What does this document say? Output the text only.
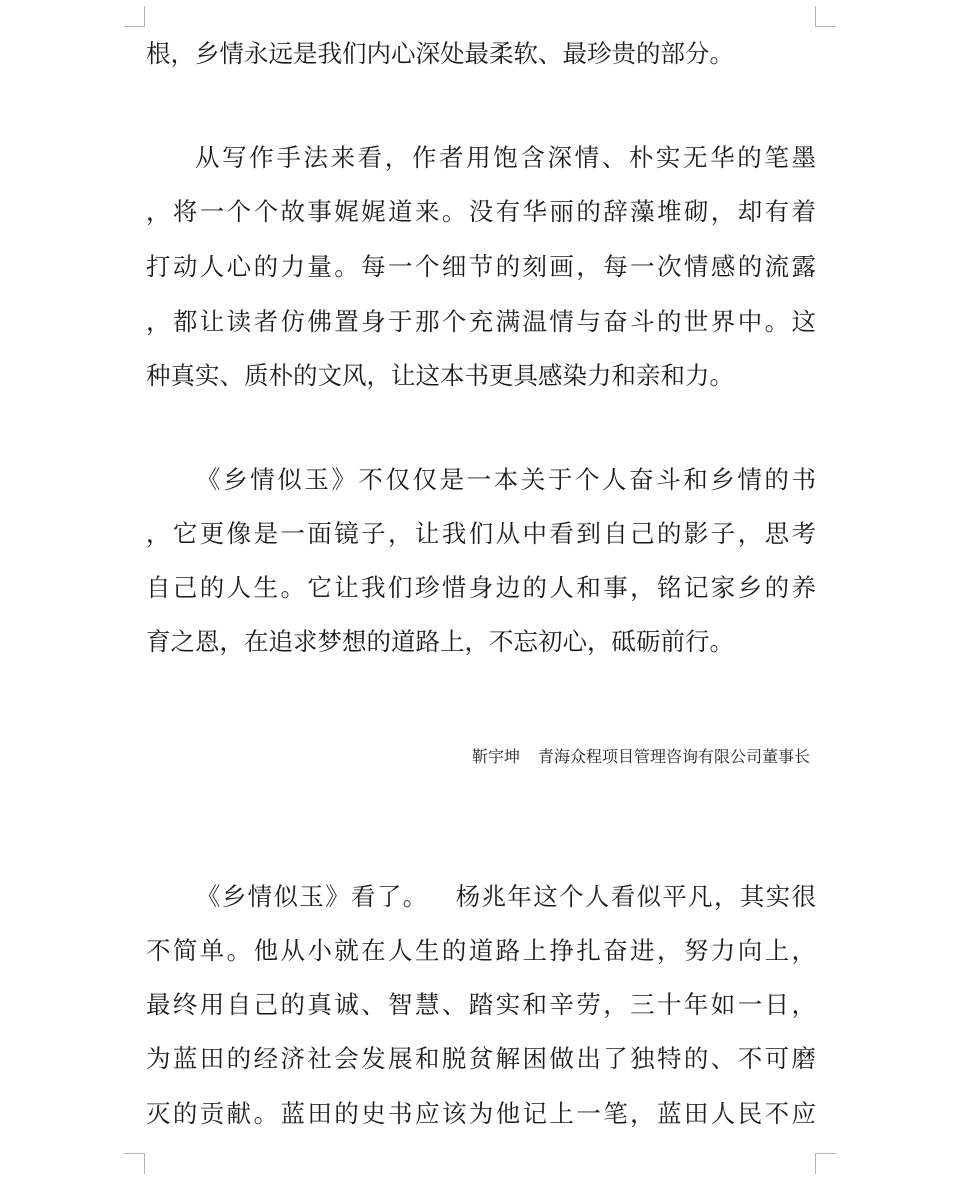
根，乡情永远是我们内心深处最柔软、最珍贵的部分。
从写作手法来看，作者用饱含深情、朴实无华的笔墨
，将一个个故事娓娓道来。没有华丽的辞藻堆砌，却有着
打动人心的力量。每一个细节的刻画，每一次情感的流露
，都让读者仿佛置身于那个充满温情与奋斗的世界中。这
种真实、质朴的文风，让这本书更具感染力和亲和力。
《乡情似玉》不仅仅是一本关于个人奋斗和乡情的书
，它更像是一面镜子，让我们从中看到自己的影子，思考
自己的人生。它让我们珍惜身边的人和事，铭记家乡的养
育之恩，在追求梦想的道路上，不忘初心，砥砺前行。
靳宇坤 青海众程项目管理咨询有限公司董事长
《乡情似玉》看了。   杨兆年这个人看似平凡，其实很
不简单。他从小就在人生的道路上挣扎奋进，努力向上，
最终用自己的真诚、智慧、踏实和辛劳，三十年如一日，
为蓝田的经济社会发展和脱贫解困做出了独特的、不可磨
灭的贡献。蓝田的史书应该为他记上一笔，蓝田人民不应
